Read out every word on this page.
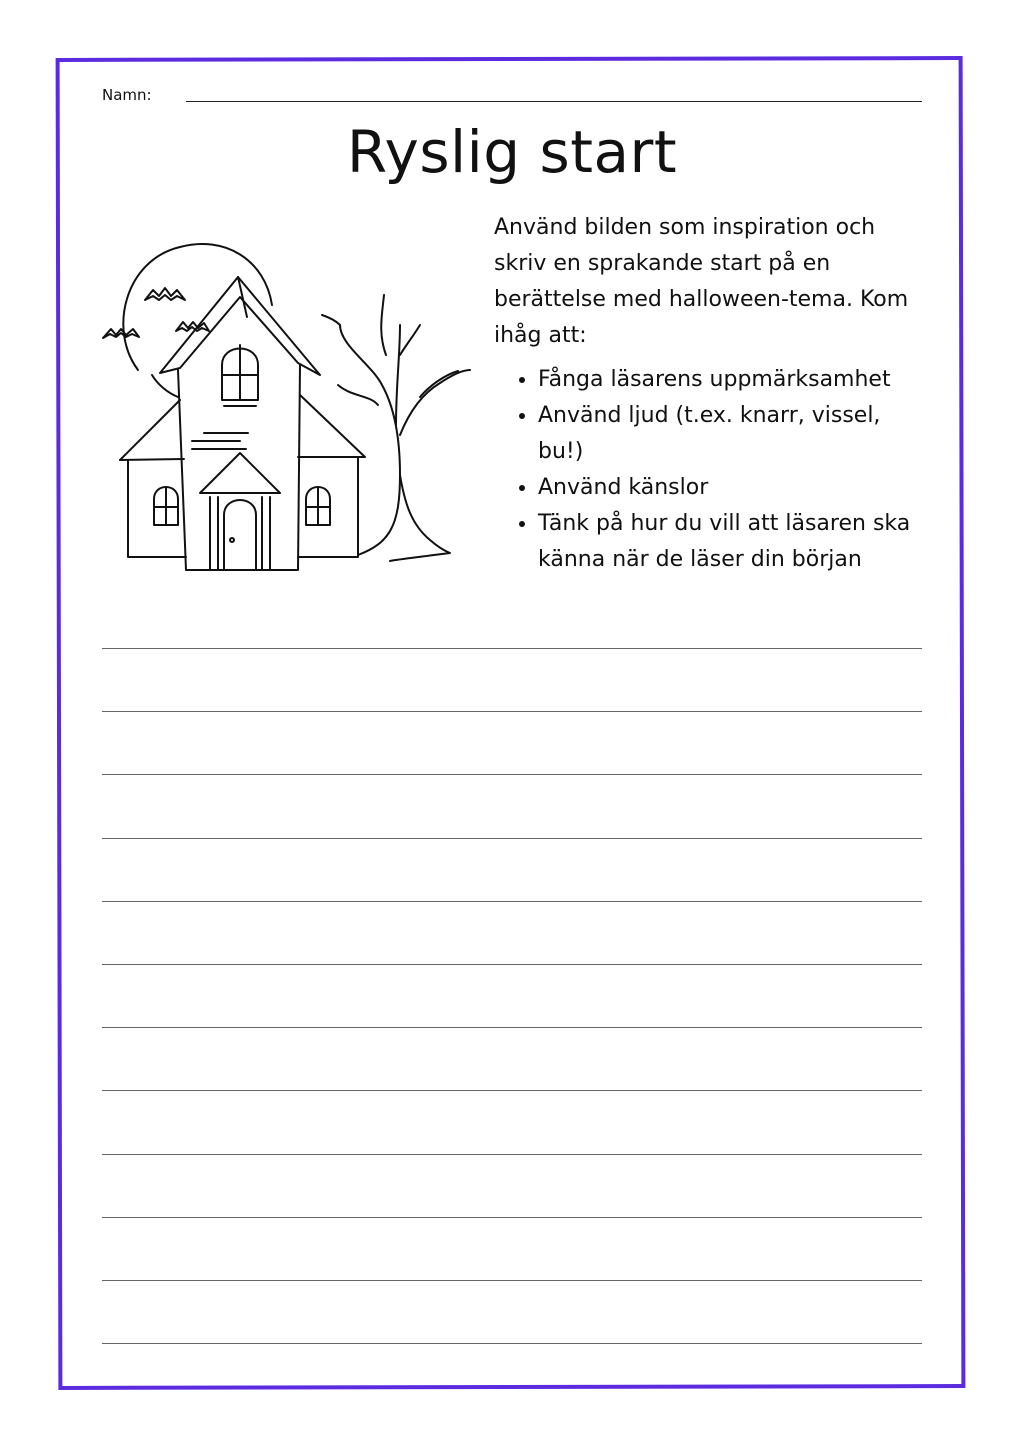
Namn:
Ryslig start

Använd bilden som inspiration och skriv en sprakande start på en berättelse med halloween-tema. Kom ihåg att:

• Fånga läsarens uppmärksamhet
• Använd ljud (t.ex. knarr, vissel, bu!)
• Använd känslor
• Tänk på hur du vill att läsaren ska känna när de läser din början
